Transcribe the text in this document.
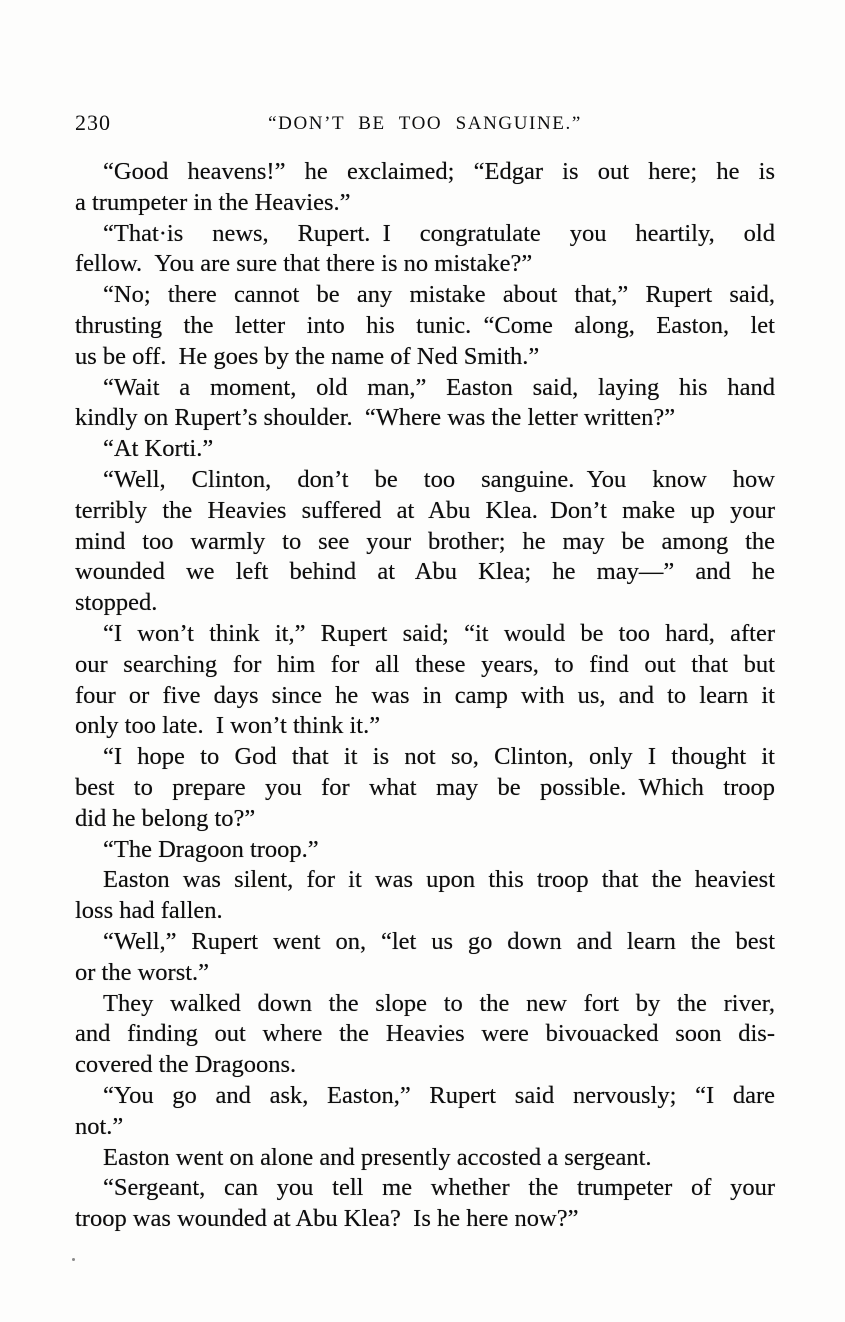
230	“DON’T BE TOO SANGUINE.”
“Good heavens!” he exclaimed; “Edgar is out here; he is
a trumpeter in the Heavies.”
“That·is news, Rupert. I congratulate you heartily, old
fellow. You are sure that there is no mistake?”
“No; there cannot be any mistake about that,” Rupert said,
thrusting the letter into his tunic. “Come along, Easton, let
us be off. He goes by the name of Ned Smith.”
“Wait a moment, old man,” Easton said, laying his hand
kindly on Rupert’s shoulder. “Where was the letter written?”
“At Korti.”
“Well, Clinton, don’t be too sanguine. You know how
terribly the Heavies suffered at Abu Klea. Don’t make up your
mind too warmly to see your brother; he may be among the
wounded we left behind at Abu Klea; he may—” and he
stopped.
“I won’t think it,” Rupert said; “it would be too hard, after
our searching for him for all these years, to find out that but
four or five days since he was in camp with us, and to learn it
only too late. I won’t think it.”
“I hope to God that it is not so, Clinton, only I thought it
best to prepare you for what may be possible. Which troop
did he belong to?”
“The Dragoon troop.”
Easton was silent, for it was upon this troop that the heaviest
loss had fallen.
“Well,” Rupert went on, “let us go down and learn the best
or the worst.”
They walked down the slope to the new fort by the river,
and finding out where the Heavies were bivouacked soon dis-
covered the Dragoons.
“You go and ask, Easton,” Rupert said nervously; “I dare
not.”
Easton went on alone and presently accosted a sergeant.
“Sergeant, can you tell me whether the trumpeter of your
troop was wounded at Abu Klea? Is he here now?”
